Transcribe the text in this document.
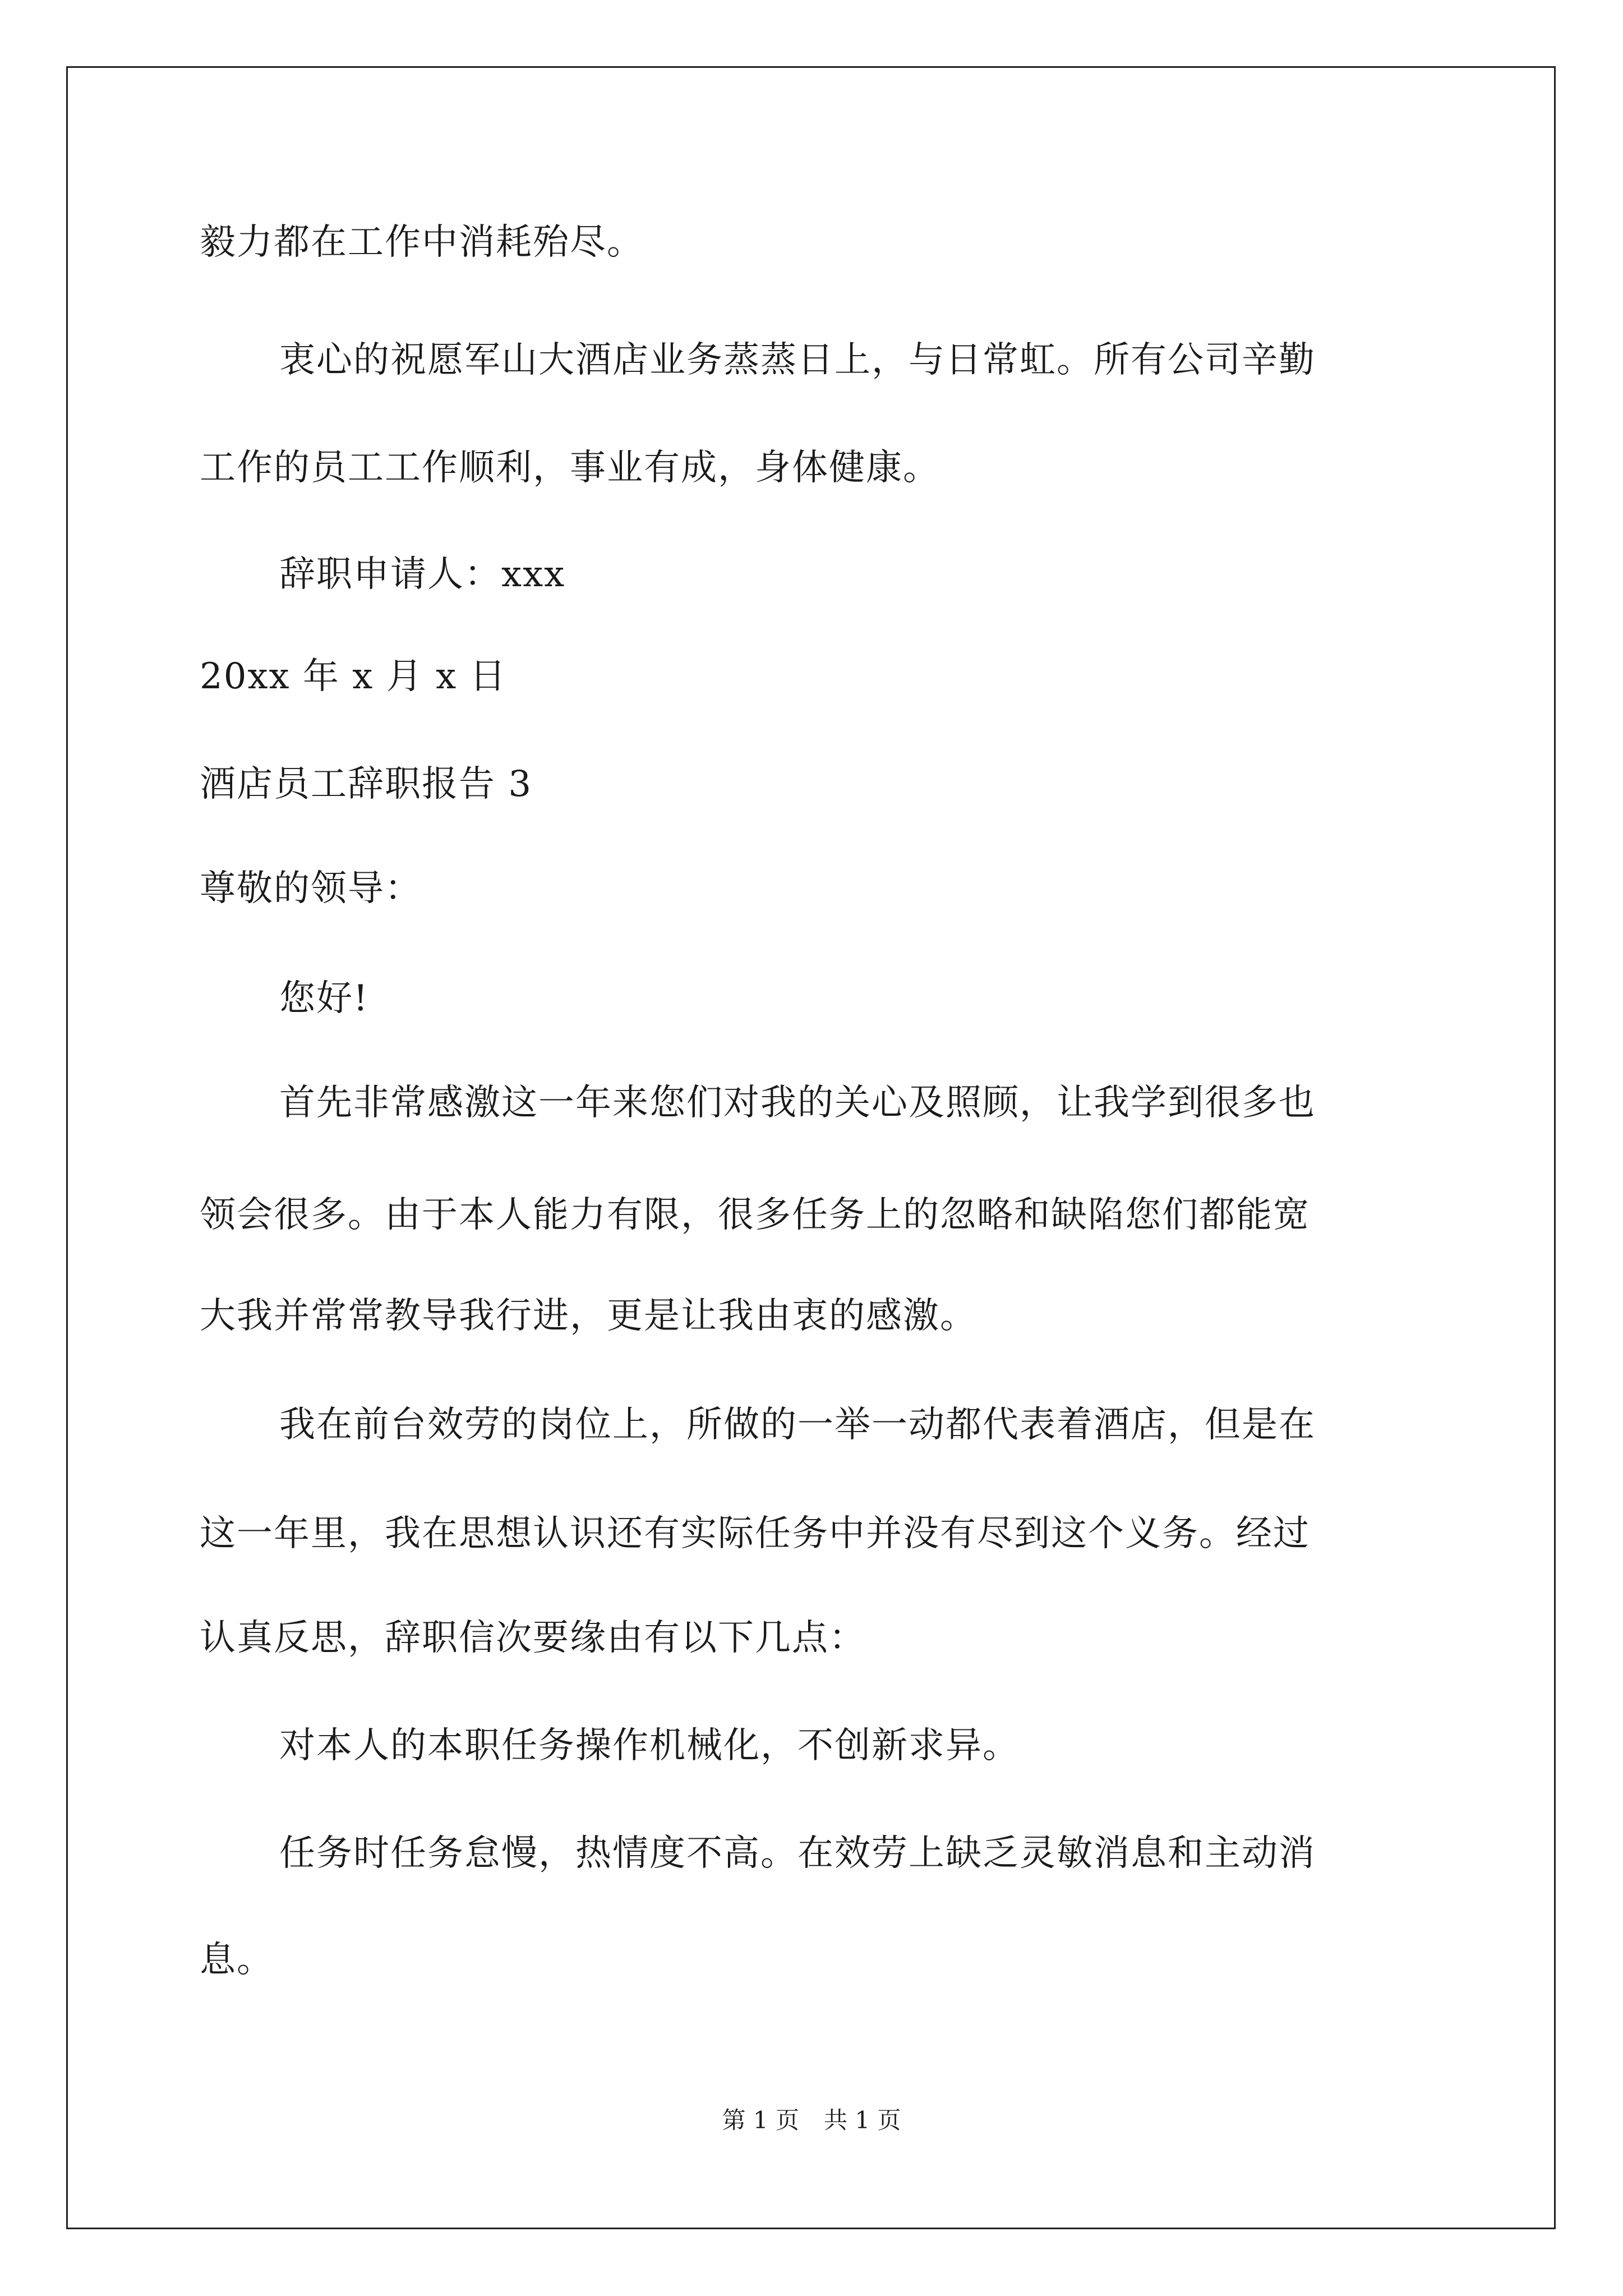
毅力都在工作中消耗殆尽。
衷心的祝愿军山大酒店业务蒸蒸日上，与日常虹。所有公司辛勤
工作的员工工作顺利，事业有成，身体健康。
辞职申请人：xxx
20xx 年 x 月 x 日
酒店员工辞职报告 3
尊敬的领导：
您好!
首先非常感激这一年来您们对我的关心及照顾，让我学到很多也
领会很多。由于本人能力有限，很多任务上的忽略和缺陷您们都能宽
大我并常常教导我行进，更是让我由衷的感激。
我在前台效劳的岗位上，所做的一举一动都代表着酒店，但是在
这一年里，我在思想认识还有实际任务中并没有尽到这个义务。经过
认真反思，辞职信次要缘由有以下几点：
对本人的本职任务操作机械化，不创新求异。
任务时任务怠慢，热情度不高。在效劳上缺乏灵敏消息和主动消
息。
第 1 页 共 1 页
